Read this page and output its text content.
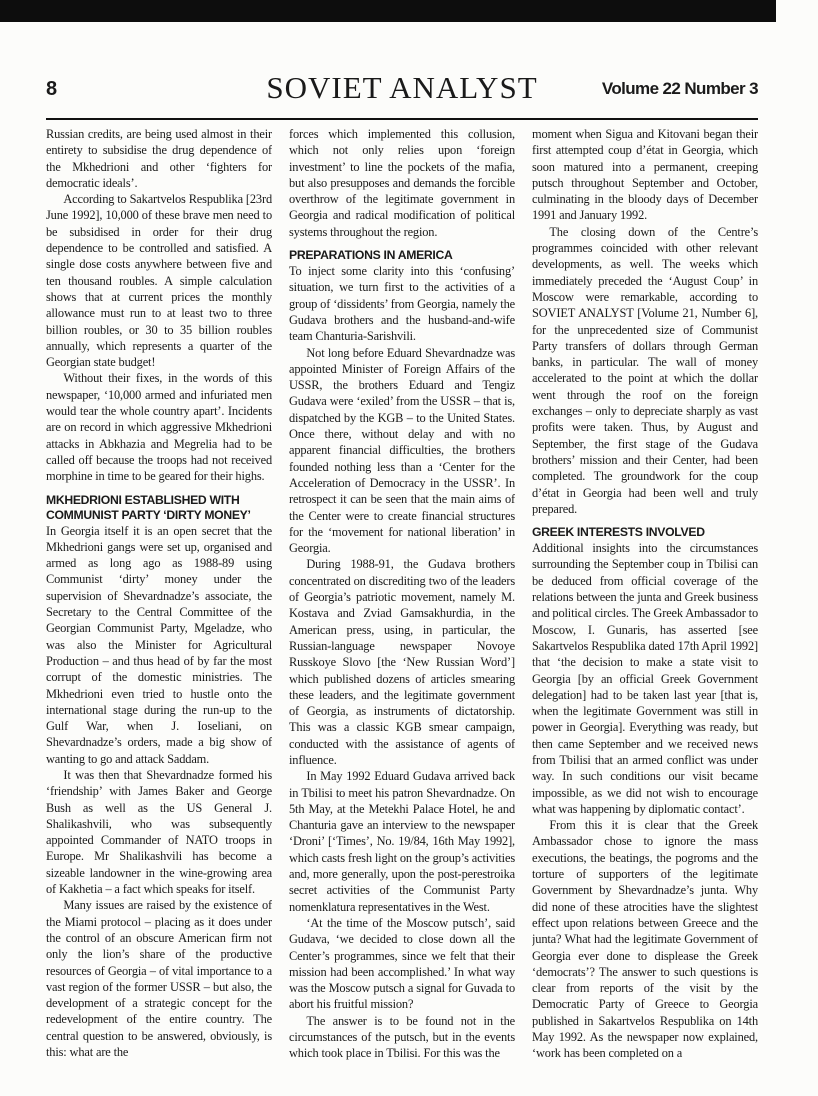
8	SOVIET ANALYST	Volume 22 Number 3

Russian credits, are being used almost in their entirety to subsidise the drug dependence of the Mkhedrioni and other ‘fighters for democratic ideals’.

According to Sakartvelos Respublika [23rd June 1992], 10,000 of these brave men need to be subsidised in order for their drug dependence to be controlled and satisfied. A single dose costs anywhere between five and ten thousand roubles. A simple calculation shows that at current prices the monthly allowance must run to at least two to three billion roubles, or 30 to 35 billion roubles annually, which represents a quarter of the Georgian state budget!

Without their fixes, in the words of this newspaper, ‘10,000 armed and infuriated men would tear the whole country apart’. Incidents are on record in which aggressive Mkhedrioni attacks in Abkhazia and Megrelia had to be called off because the troops had not received morphine in time to be geared for their highs.

MKHEDRIONI ESTABLISHED WITH COMMUNIST PARTY ‘DIRTY MONEY’

In Georgia itself it is an open secret that the Mkhedrioni gangs were set up, organised and armed as long ago as 1988-89 using Communist ‘dirty’ money under the supervision of Shevardnadze’s associate, the Secretary to the Central Committee of the Georgian Communist Party, Mgeladze, who was also the Minister for Agricultural Production – and thus head of by far the most corrupt of the domestic ministries. The Mkhedrioni even tried to hustle onto the international stage during the run-up to the Gulf War, when J. Ioseliani, on Shevardnadze’s orders, made a big show of wanting to go and attack Saddam.

It was then that Shevardnadze formed his ‘friendship’ with James Baker and George Bush as well as the US General J. Shalikashvili, who was subsequently appointed Commander of NATO troops in Europe. Mr Shalikashvili has become a sizeable landowner in the wine-growing area of Kakhetia – a fact which speaks for itself.

Many issues are raised by the existence of the Miami protocol – placing as it does under the control of an obscure American firm not only the lion’s share of the productive resources of Georgia – of vital importance to a vast region of the former USSR – but also, the development of a strategic concept for the redevelopment of the entire country. The central question to be answered, obviously, is this: what are the

forces which implemented this collusion, which not only relies upon ‘foreign investment’ to line the pockets of the mafia, but also presupposes and demands the forcible overthrow of the legitimate government in Georgia and radical modification of political systems throughout the region.

PREPARATIONS IN AMERICA

To inject some clarity into this ‘confusing’ situation, we turn first to the activities of a group of ‘dissidents’ from Georgia, namely the Gudava brothers and the husband-and-wife team Chanturia-Sarishvili.

Not long before Eduard Shevardnadze was appointed Minister of Foreign Affairs of the USSR, the brothers Eduard and Tengiz Gudava were ‘exiled’ from the USSR – that is, dispatched by the KGB – to the United States. Once there, without delay and with no apparent financial difficulties, the brothers founded nothing less than a ‘Center for the Acceleration of Democracy in the USSR’. In retrospect it can be seen that the main aims of the Center were to create financial structures for the ‘movement for national liberation’ in Georgia.

During 1988-91, the Gudava brothers concentrated on discrediting two of the leaders of Georgia’s patriotic movement, namely M. Kostava and Zviad Gamsakhurdia, in the American press, using, in particular, the Russian-language newspaper Novoye Russkoye Slovo [the ‘New Russian Word’] which published dozens of articles smearing these leaders, and the legitimate government of Georgia, as instruments of dictatorship. This was a classic KGB smear campaign, conducted with the assistance of agents of influence.

In May 1992 Eduard Gudava arrived back in Tbilisi to meet his patron Shevardnadze. On 5th May, at the Metekhi Palace Hotel, he and Chanturia gave an interview to the newspaper ‘Droni’ [‘Times’, No. 19/84, 16th May 1992], which casts fresh light on the group’s activities and, more generally, upon the post-perestroika secret activities of the Communist Party nomenklatura representatives in the West.

‘At the time of the Moscow putsch’, said Gudava, ‘we decided to close down all the Center’s programmes, since we felt that their mission had been accomplished.’ In what way was the Moscow putsch a signal for Guvada to abort his fruitful mission?

The answer is to be found not in the circumstances of the putsch, but in the events which took place in Tbilisi. For this was the

moment when Sigua and Kitovani began their first attempted coup d’état in Georgia, which soon matured into a permanent, creeping putsch throughout September and October, culminating in the bloody days of December 1991 and January 1992.

The closing down of the Centre’s programmes coincided with other relevant developments, as well. The weeks which immediately preceded the ‘August Coup’ in Moscow were remarkable, according to SOVIET ANALYST [Volume 21, Number 6], for the unprecedented size of Communist Party transfers of dollars through German banks, in particular. The wall of money accelerated to the point at which the dollar went through the roof on the foreign exchanges – only to depreciate sharply as vast profits were taken. Thus, by August and September, the first stage of the Gudava brothers’ mission and their Center, had been completed. The groundwork for the coup d’état in Georgia had been well and truly prepared.

GREEK INTERESTS INVOLVED

Additional insights into the circumstances surrounding the September coup in Tbilisi can be deduced from official coverage of the relations between the junta and Greek business and political circles. The Greek Ambassador to Moscow, I. Gunaris, has asserted [see Sakartvelos Respublika dated 17th April 1992] that ‘the decision to make a state visit to Georgia [by an official Greek Government delegation] had to be taken last year [that is, when the legitimate Government was still in power in Georgia]. Everything was ready, but then came September and we received news from Tbilisi that an armed conflict was under way. In such conditions our visit became impossible, as we did not wish to encourage what was happening by diplomatic contact’.

From this it is clear that the Greek Ambassador chose to ignore the mass executions, the beatings, the pogroms and the torture of supporters of the legitimate Government by Shevardnadze’s junta. Why did none of these atrocities have the slightest effect upon relations between Greece and the junta? What had the legitimate Government of Georgia ever done to displease the Greek ‘democrats’? The answer to such questions is clear from reports of the visit by the Democratic Party of Greece to Georgia published in Sakartvelos Respublika on 14th May 1992. As the newspaper now explained, ‘work has been completed on a
